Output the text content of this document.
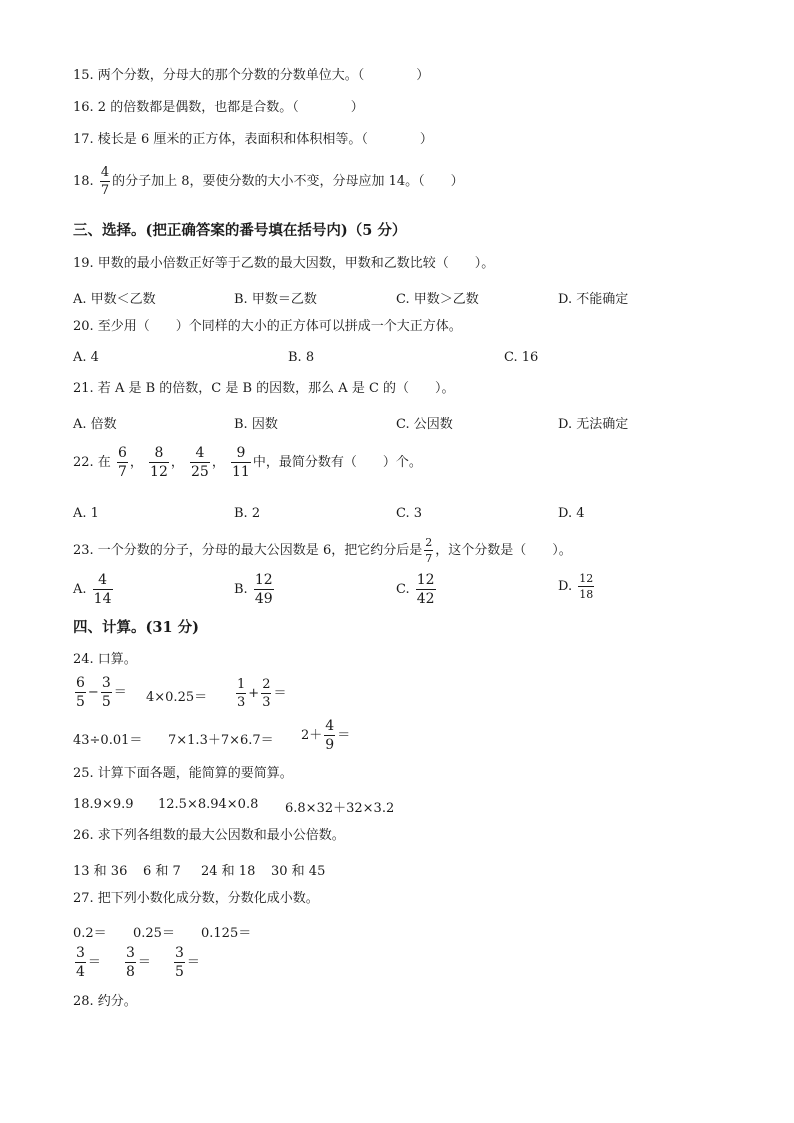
15. 两个分数，分母大的那个分数的分数单位大。（　　　　）
16. 2 的倍数都是偶数，也都是合数。（　　　　）
17. 棱长是 6 厘米的正方体，表面积和体积相等。（　　　　）
18. $\frac{4}{7}$ 的分子加上 8，要使分数的大小不变，分母应加 14。（　　）
三、选择。(把正确答案的番号填在括号内)（5 分）
19. 甲数的最小倍数正好等于乙数的最大因数，甲数和乙数比较（　　）。
A. 甲数＜乙数	B. 甲数＝乙数	C. 甲数＞乙数	D. 不能确定
20. 至少用（　　）个同样的大小的正方体可以拼成一个大正方体。
A. 4	B. 8	C. 16
21. 若 A 是 B 的倍数，C 是 B 的因数，那么 A 是 C 的（　　）。
A. 倍数	B. 因数	C. 公因数	D. 无法确定
22. 在 $\frac{6}{7}$ ， $\frac{8}{12}$ ， $\frac{4}{25}$ ， $\frac{9}{11}$ 中，最简分数有（　　）个。
A. 1	B. 2	C. 3	D. 4
23. 一个分数的分子，分母的最大公因数是 6，把它约分后是 $\frac{2}{7}$ ，这个分数是（　　）。
A. $\frac{4}{14}$	B. $\frac{12}{49}$	C. $\frac{12}{42}$	D. $\frac{12}{18}$
四、计算。(31 分)
24. 口算。
$\frac{6}{5} - \frac{3}{5} = 4\times 0.25= \frac{1}{3} + \frac{2}{3}$ ＝
$43\div 0.01= 7\times 1.3+7\times 6.7= 2+ \frac{4}{9}$ ＝
25. 计算下面各题，能简算的要简算。
18.9×9.9 12.5×8.94×0.8 6.8×32＋32×3.2
26. 求下列各组数的最大公因数和最小公倍数。
13 和 36 6 和 7 24 和 18 30 和 45
27. 把下列小数化成分数，分数化成小数。
0.2＝ 0.25＝ 0.125＝
$\frac{3}{4} = \frac{3}{8} = \frac{3}{5}$ ＝
28. 约分。
